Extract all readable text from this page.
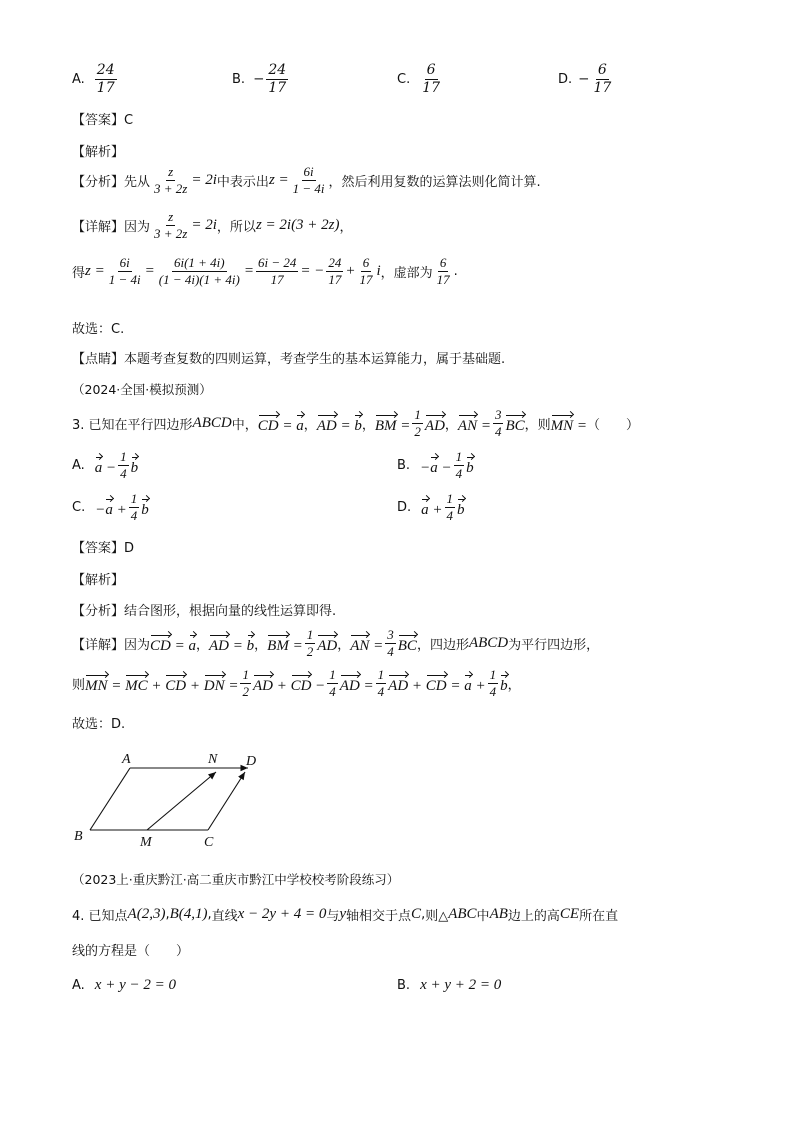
A.
24
17
B. − $\frac{24}{17}$	C.
6
17
D. − $\frac{6}{17}$
【答案】C
【解析】
【分析】 先从 $\frac{z}{3 + 2z} = 2i$ 中表示出 $z = \frac{6i}{1 - 4i}$ ，然后利用复数的运算法则化简计算.
【详解】 因为 $\frac{z}{3 + 2z} = 2i$ ，所以 z = 2i(3 + 2z) ，
得 $z = \frac{6i}{1 - 4i} = \frac{6i(1 + 4i)}{(1 - 4i)(1 + 4i)} = \frac{6i - 24}{17}$ = − $\frac{24}{17} + \frac{6}{17}$ i ，虚部为
6
17
.
故选：C.
【点睛】本题考查复数的四则运算，考查学生的基本运算能力，属于基础题.
（2024·全国·模拟预测）
3. 已知在平行四边形 ABCD 中， CD = a ， AD = b ， BM = $\frac{1}{2}$ AD ， AN = $\frac{3}{4}$ BC ，则 MN = （　　）
A. $a - \frac{1}{4}$ b	B. $-a - \frac{1}{4}$ b
C. $-a + \frac{1}{4}$ b	D. $a + \frac{1}{4}$ b
【答案】D
【解析】
【分析】结合图形，根据向量的线性运算即得.
【详解】 因为 CD = a ， AD = b ， BM = $\frac{1}{2}$ AD ， AN = $\frac{3}{4}$ BC ，四边形 ABCD 为平行四边形，
则 MN = MC + CD + DN = $\frac{1}{2}$ AD + CD − $\frac{1}{4}$ AD = $\frac{1}{4}$ AD + CD = $a + \frac{1}{4}$ b ，
故选：D.
A	N D
B	M	C
（2023上·重庆黔江·高二重庆市黔江中学校校考阶段练习）
4. 已知点 A(2,3) , B(4,1) , 直线 x − 2y + 4 = 0 与 y 轴相交于点 C , 则△ ABC 中 AB 边上的高 CE 所在直
线的方程是（　　）
A. x + y − 2 = 0	B. x + y + 2 = 0
